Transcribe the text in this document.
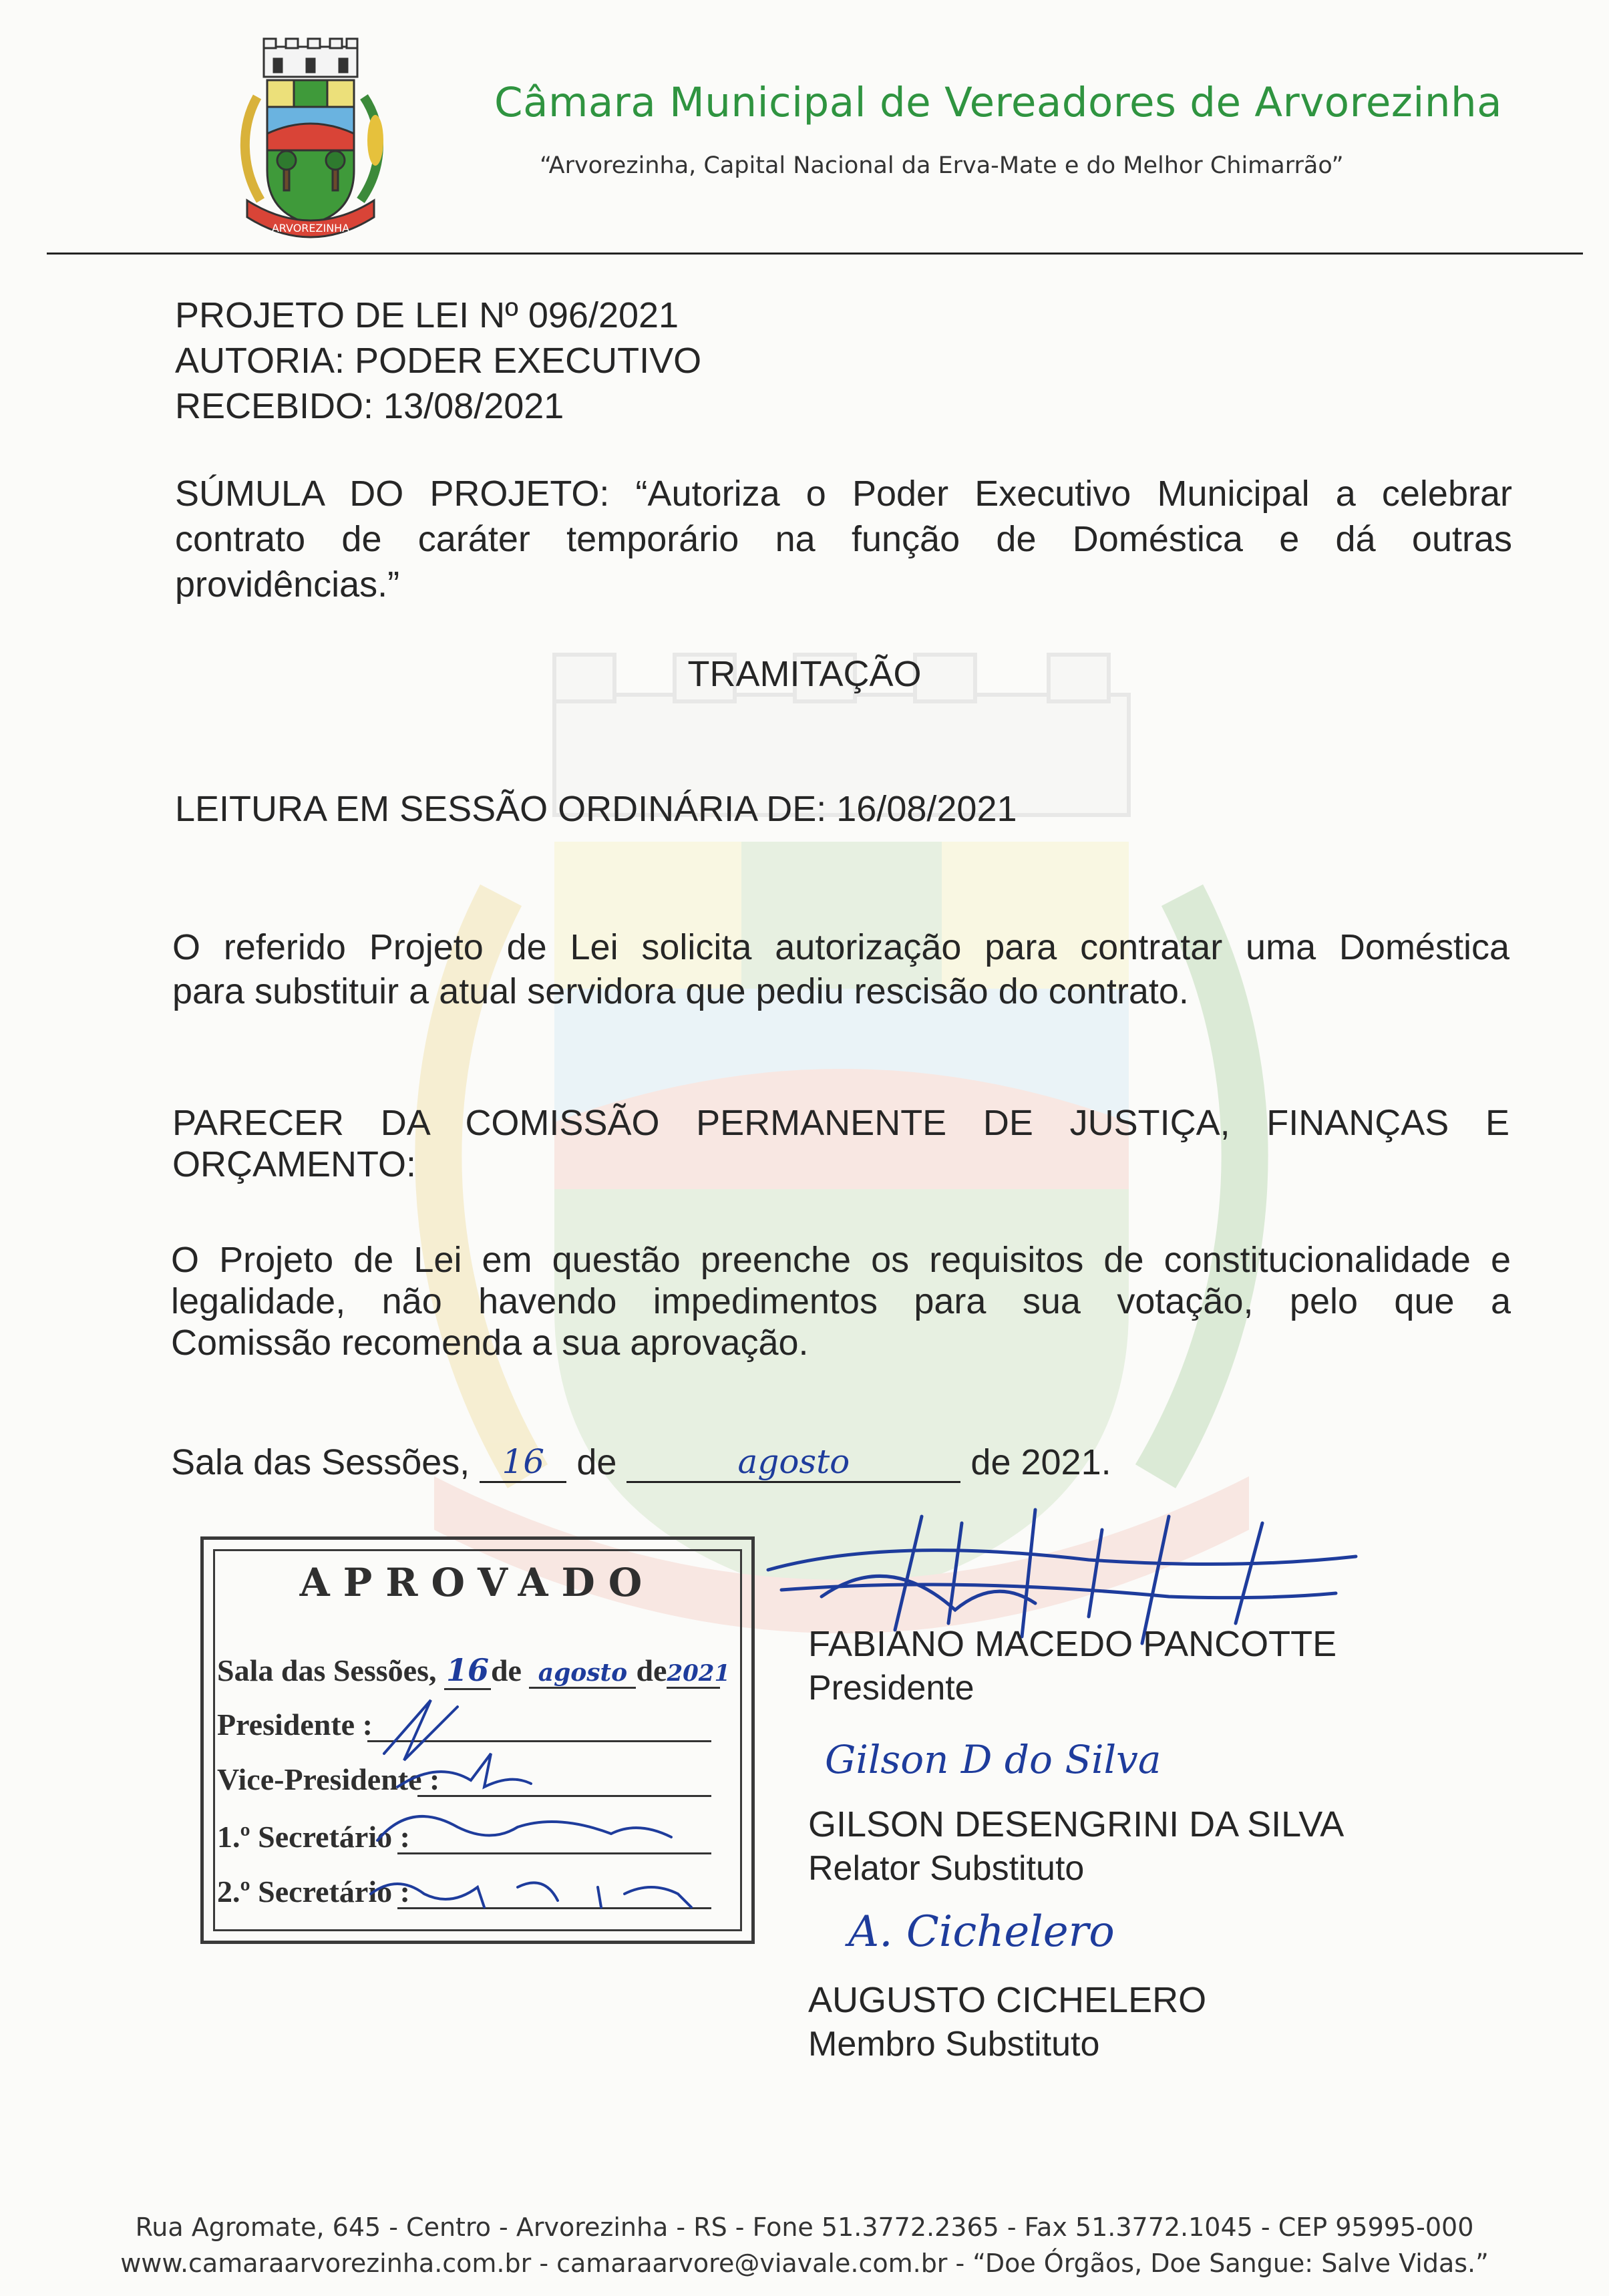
ARVOREZINHA
Câmara Municipal de Vereadores de Arvorezinha
“Arvorezinha, Capital Nacional da Erva-Mate e do Melhor Chimarrão”
PROJETO DE LEI Nº 096/2021
AUTORIA: PODER EXECUTIVO
RECEBIDO: 13/08/2021
SÚMULA DO PROJETO: “Autoriza o Poder Executivo Municipal a celebrar
contrato de caráter temporário na função de Doméstica e dá outras
providências.”
TRAMITAÇÃO
LEITURA EM SESSÃO ORDINÁRIA DE: 16/08/2021
O referido Projeto de Lei solicita autorização para contratar uma Doméstica
para substituir a atual servidora que pediu rescisão do contrato.
PARECER DA COMISSÃO PERMANENTE DE JUSTIÇA, FINANÇAS E
ORÇAMENTO:
O Projeto de Lei em questão preenche os requisitos de constitucionalidade e
legalidade, não havendo impedimentos para sua votação, pelo que a
Comissão recomenda a sua aprovação.
Sala das Sessões, 16 de	agosto	de 2021.
APROVADO
Sala das Sessões, 16de agosto de2021
Presidente :
Vice-Presidente :
1.º Secretário :
2.º Secretário :
FABIANO MACEDO PANCOTTE
Presidente
Gilson D do Silva
GILSON DESENGRINI DA SILVA
Relator Substituto
A. Cichelero
AUGUSTO CICHELERO
Membro Substituto
Rua Agromate, 645 - Centro - Arvorezinha - RS - Fone 51.3772.2365 - Fax 51.3772.1045 - CEP 95995-000
www.camaraarvorezinha.com.br - camaraarvore@viavale.com.br - “Doe Órgãos, Doe Sangue: Salve Vidas.”
